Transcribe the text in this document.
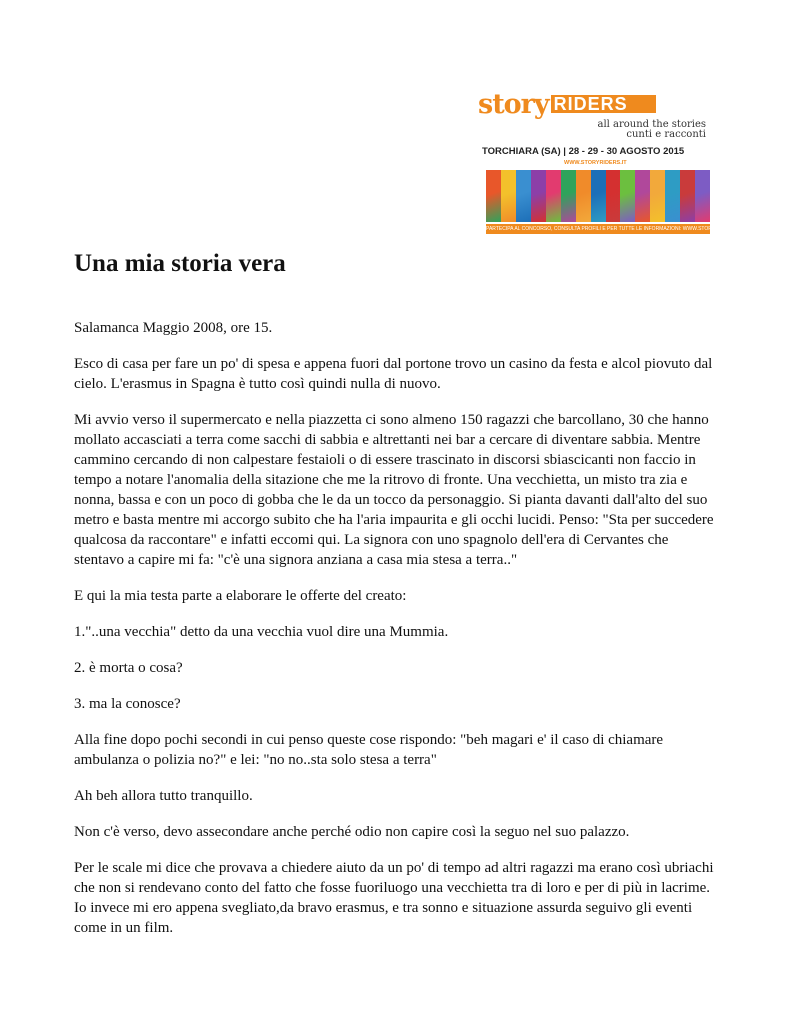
story RIDERS
all around the stories
cunti e racconti
TORCHIARA (SA) | 28 - 29 - 30 AGOSTO 2015
WWW.STORYRIDERS.IT
PARTECIPA AL CONCORSO, CONSULTA PROFILI E PER TUTTE LE INFORMAZIONI: WWW.STORYRIDERS.IT
Una mia storia vera

Salamanca Maggio 2008, ore 15.

Esco di casa per fare un po' di spesa e appena fuori dal portone trovo un casino da festa e alcol piovuto dal cielo. L'erasmus in Spagna è tutto così quindi nulla di nuovo.

Mi avvio verso il supermercato e nella piazzetta ci sono almeno 150 ragazzi che barcollano, 30 che hanno mollato accasciati a terra come sacchi di sabbia e altrettanti nei bar a cercare di diventare sabbia. Mentre cammino cercando di non calpestare festaioli o di essere trascinato in discorsi sbiascicanti non faccio in tempo a notare l'anomalia della sitazione che me la ritrovo di fronte. Una vecchietta, un misto tra zia e nonna, bassa e con un poco di gobba che le da un tocco da personaggio. Si pianta davanti dall'alto del suo metro e basta mentre mi accorgo subito che ha l'aria impaurita e gli occhi lucidi. Penso: "Sta per succedere qualcosa da raccontare" e infatti eccomi qui. La signora con uno spagnolo dell'era di Cervantes che stentavo a capire mi fa: "c'è una signora anziana a casa mia stesa a terra.."

E qui la mia testa parte a elaborare le offerte del creato:

1."..una vecchia" detto da una vecchia vuol dire una Mummia.

2. è morta o cosa?

3. ma la conosce?

Alla fine dopo pochi secondi in cui penso queste cose rispondo: "beh magari e' il caso di chiamare ambulanza o polizia no?" e lei: "no no..sta solo stesa a terra"

Ah beh allora tutto tranquillo.

Non c'è verso, devo assecondare anche perché odio non capire così la seguo nel suo palazzo.

Per le scale mi dice che provava a chiedere aiuto da un po' di tempo ad altri ragazzi ma erano così ubriachi che non si rendevano conto del fatto che fosse fuoriluogo una vecchietta tra di loro e per di più in lacrime. Io invece mi ero appena svegliato,da bravo erasmus, e tra sonno e situazione assurda seguivo gli eventi come in un film.
